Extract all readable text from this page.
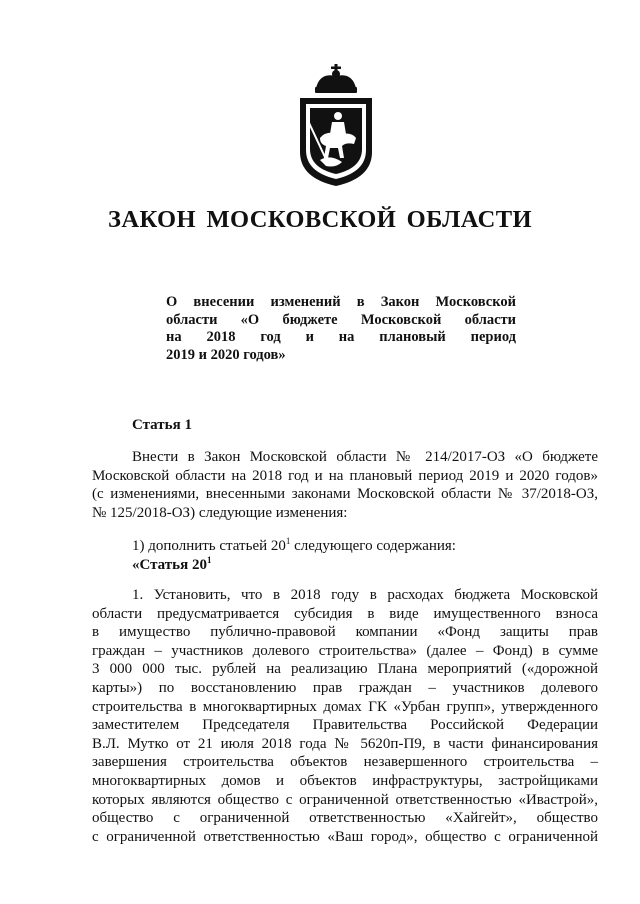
ЗАКОН МОСКОВСКОЙ ОБЛАСТИ
О внесении изменений в Закон Московской
области «О бюджете Московской области
на 2018 год и на плановый период
2019 и 2020 годов»
Статья 1
Внести в Закон Московской области № 214/2017-ОЗ «О бюджете
Московской области на 2018 год и на плановый период 2019 и 2020 годов»
(с изменениями, внесенными законами Московской области № 37/2018-ОЗ,
№ 125/2018-ОЗ) следующие изменения:
1) дополнить статьей $20^1$ следующего содержания:
«Статья $20^1$
1. Установить, что в 2018 году в расходах бюджета Московской
области предусматривается субсидия в виде имущественного взноса
в имущество публично-правовой компании «Фонд защиты прав
граждан – участников долевого строительства» (далее – Фонд) в сумме
3 000 000 тыс. рублей на реализацию Плана мероприятий («дорожной
карты») по восстановлению прав граждан – участников долевого
строительства в многоквартирных домах ГК «Урбан групп», утвержденного
заместителем Председателя Правительства Российской Федерации
В.Л. Мутко от 21 июля 2018 года № 5620п-П9, в части финансирования
завершения строительства объектов незавершенного строительства –
многоквартирных домов и объектов инфраструктуры, застройщиками
которых являются общество с ограниченной ответственностью «Ивастрой»,
общество с ограниченной ответственностью «Хайгейт», общество
с ограниченной ответственностью «Ваш город», общество с ограниченной
